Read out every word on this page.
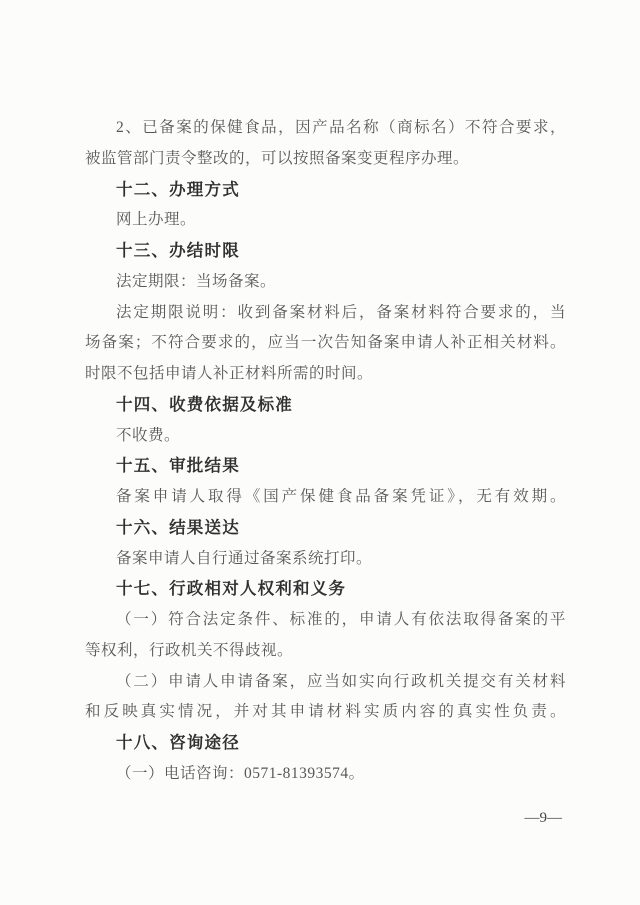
2、已备案的保健食品，因产品名称（商标名）不符合要求，
被监管部门责令整改的，可以按照备案变更程序办理。
十二、办理方式
网上办理。
十三、办结时限
法定期限：当场备案。
法定期限说明：收到备案材料后，备案材料符合要求的，当
场备案；不符合要求的，应当一次告知备案申请人补正相关材料。
时限不包括申请人补正材料所需的时间。
十四、收费依据及标准
不收费。
十五、审批结果
备案申请人取得《国产保健食品备案凭证》，无有效期。
十六、结果送达
备案申请人自行通过备案系统打印。
十七、行政相对人权利和义务
（一）符合法定条件、标准的，申请人有依法取得备案的平
等权利，行政机关不得歧视。
（二）申请人申请备案，应当如实向行政机关提交有关材料
和反映真实情况，并对其申请材料实质内容的真实性负责。
十八、咨询途径
（一）电话咨询：0571-81393574。
—9—
